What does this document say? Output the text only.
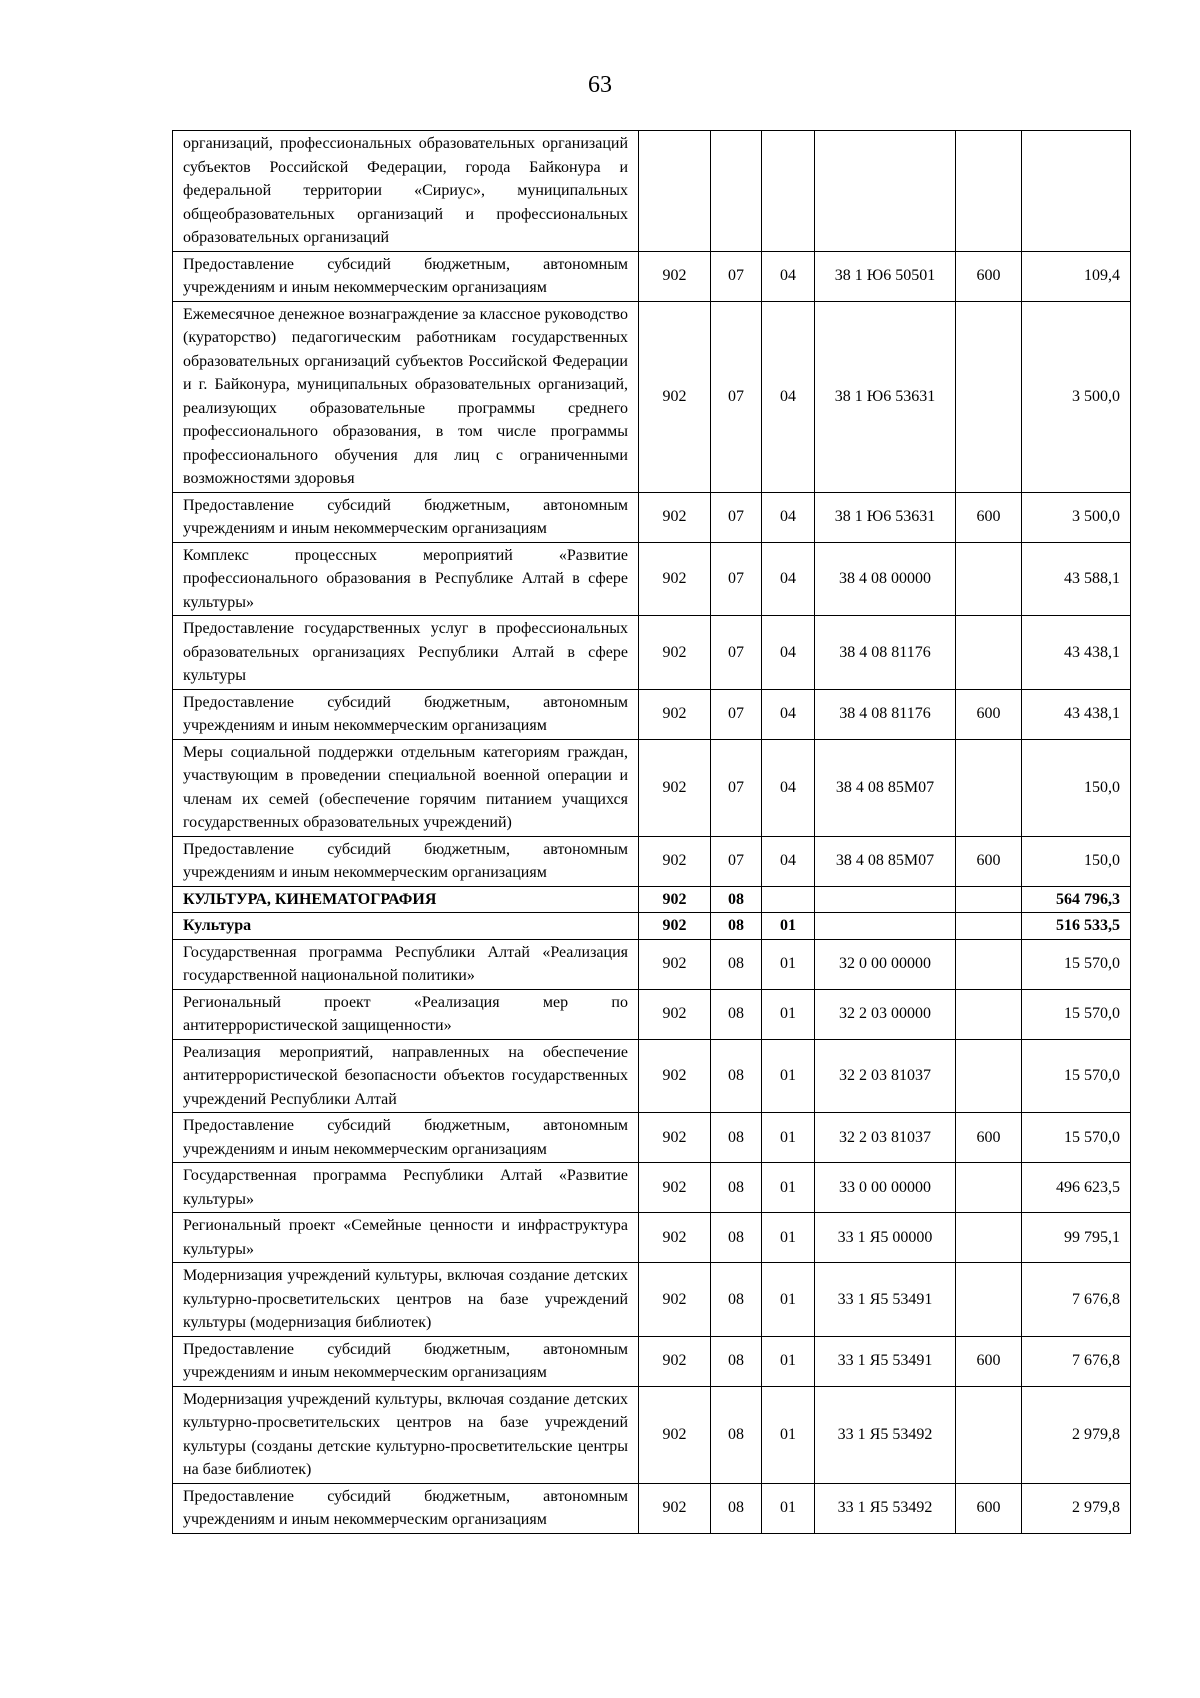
63
организаций, профессиональных образовательных организаций субъектов Российской Федерации, города Байконура и федеральной территории «Сириус», муниципальных общеобразовательных организаций и профессиональных образовательных организаций						
Предоставление субсидий бюджетным, автономным учреждениям и иным некоммерческим организациям	902	07	04	38 1 Ю6 50501	600	109,4
Ежемесячное денежное вознаграждение за классное руководство (кураторство) педагогическим работникам государственных образовательных организаций субъектов Российской Федерации и г. Байконура, муниципальных образовательных организаций, реализующих образовательные программы среднего профессионального образования, в том числе программы профессионального обучения для лиц с ограниченными возможностями здоровья	902	07	04	38 1 Ю6 53631		3 500,0
Предоставление субсидий бюджетным, автономным учреждениям и иным некоммерческим организациям	902	07	04	38 1 Ю6 53631	600	3 500,0
Комплекс процессных мероприятий «Развитие профессионального образования в Республике Алтай в сфере культуры»	902	07	04	38 4 08 00000		43 588,1
Предоставление государственных услуг в профессиональных образовательных организациях Республики Алтай в сфере культуры	902	07	04	38 4 08 81176		43 438,1
Предоставление субсидий бюджетным, автономным учреждениям и иным некоммерческим организациям	902	07	04	38 4 08 81176	600	43 438,1
Меры социальной поддержки отдельным категориям граждан, участвующим в проведении специальной военной операции и членам их семей (обеспечение горячим питанием учащихся государственных образовательных учреждений)	902	07	04	38 4 08 85М07		150,0
Предоставление субсидий бюджетным, автономным учреждениям и иным некоммерческим организациям	902	07	04	38 4 08 85М07	600	150,0
КУЛЬТУРА, КИНЕМАТОГРАФИЯ	902	08				564 796,3
Культура	902	08	01			516 533,5
Государственная программа Республики Алтай «Реализация государственной национальной политики»	902	08	01	32 0 00 00000		15 570,0
Региональный проект «Реализация мер по антитеррористической защищенности»	902	08	01	32 2 03 00000		15 570,0
Реализация мероприятий, направленных на обеспечение антитеррористической безопасности объектов государственных учреждений Республики Алтай	902	08	01	32 2 03 81037		15 570,0
Предоставление субсидий бюджетным, автономным учреждениям и иным некоммерческим организациям	902	08	01	32 2 03 81037	600	15 570,0
Государственная программа Республики Алтай «Развитие культуры»	902	08	01	33 0 00 00000		496 623,5
Региональный проект «Семейные ценности и инфраструктура культуры»	902	08	01	33 1 Я5 00000		99 795,1
Модернизация учреждений культуры, включая создание детских культурно-просветительских центров на базе учреждений культуры (модернизация библиотек)	902	08	01	33 1 Я5 53491		7 676,8
Предоставление субсидий бюджетным, автономным учреждениям и иным некоммерческим организациям	902	08	01	33 1 Я5 53491	600	7 676,8
Модернизация учреждений культуры, включая создание детских культурно-просветительских центров на базе учреждений культуры (созданы детские культурно-просветительские центры на базе библиотек)	902	08	01	33 1 Я5 53492		2 979,8
Предоставление субсидий бюджетным, автономным учреждениям и иным некоммерческим организациям	902	08	01	33 1 Я5 53492	600	2 979,8
